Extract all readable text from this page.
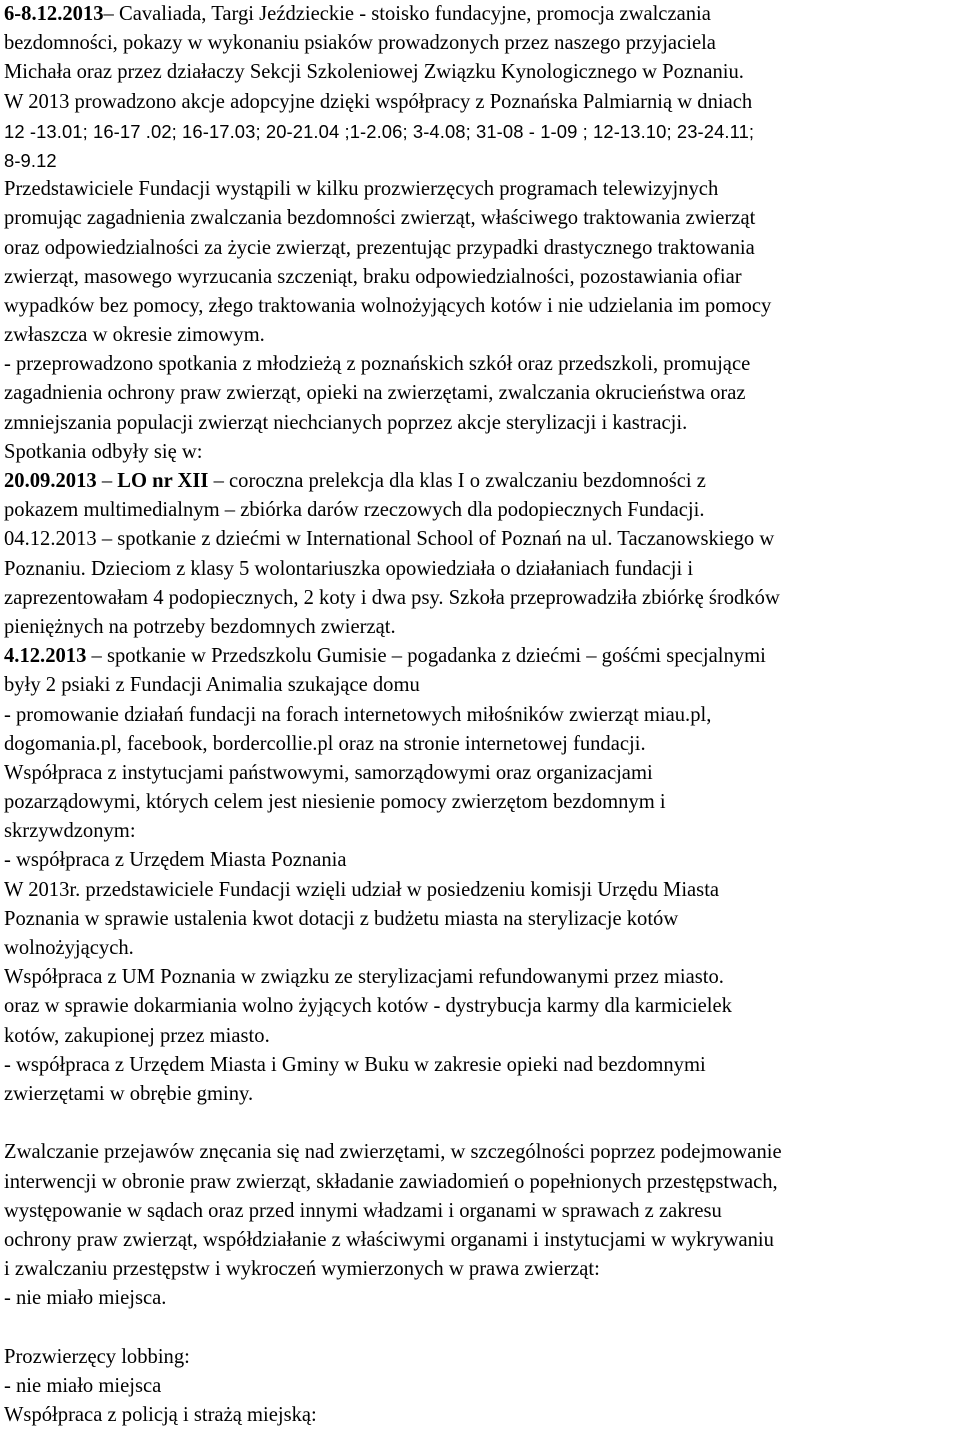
6-8.12.2013– Cavaliada, Targi Jeździeckie - stoisko fundacyjne, promocja zwalczania
bezdomności, pokazy w wykonaniu psiaków prowadzonych przez naszego przyjaciela
Michała oraz przez działaczy Sekcji Szkoleniowej Związku Kynologicznego w Poznaniu.
W 2013 prowadzono akcje adopcyjne dzięki współpracy z Poznańska Palmiarnią w dniach
12 -13.01; 16-17 .02; 16-17.03; 20-21.04 ;1-2.06; 3-4.08; 31-08 - 1-09 ; 12-13.10; 23-24.11;
8-9.12
Przedstawiciele Fundacji wystąpili w kilku prozwierzęcych programach telewizyjnych
promując zagadnienia zwalczania bezdomności zwierząt, właściwego traktowania zwierząt
oraz odpowiedzialności za życie zwierząt, prezentując przypadki drastycznego traktowania
zwierząt, masowego wyrzucania szczeniąt, braku odpowiedzialności, pozostawiania ofiar
wypadków bez pomocy, złego traktowania wolnożyjących kotów i nie udzielania im pomocy
zwłaszcza w okresie zimowym.
- przeprowadzono spotkania z młodzieżą z poznańskich szkół oraz przedszkoli, promujące
zagadnienia ochrony praw zwierząt, opieki na zwierzętami, zwalczania okrucieństwa oraz
zmniejszania populacji zwierząt niechcianych poprzez akcje sterylizacji i kastracji.
Spotkania odbyły się w:
20.09.2013 – LO nr XII – coroczna prelekcja dla klas I o zwalczaniu bezdomności z
pokazem multimedialnym – zbiórka darów rzeczowych dla podopiecznych Fundacji.
04.12.2013 – spotkanie z dziećmi w International School of Poznań na ul. Taczanowskiego w
Poznaniu. Dzieciom z klasy 5 wolontariuszka opowiedziała o działaniach fundacji i
zaprezentowałam 4 podopiecznych, 2 koty i dwa psy. Szkoła przeprowadziła zbiórkę środków
pieniężnych na potrzeby bezdomnych zwierząt.
4.12.2013 – spotkanie w Przedszkolu Gumisie – pogadanka z dziećmi – gośćmi specjalnymi
były 2 psiaki z Fundacji Animalia szukające domu
- promowanie działań fundacji na forach internetowych miłośników zwierząt miau.pl,
dogomania.pl, facebook, bordercollie.pl oraz na stronie internetowej fundacji.
Współpraca z instytucjami państwowymi, samorządowymi oraz organizacjami
pozarządowymi, których celem jest niesienie pomocy zwierzętom bezdomnym i
skrzywdzonym:
- współpraca z Urzędem Miasta Poznania
W 2013r. przedstawiciele Fundacji wzięli udział w posiedzeniu komisji Urzędu Miasta
Poznania w sprawie ustalenia kwot dotacji z budżetu miasta na sterylizacje kotów
wolnożyjących.
Współpraca z UM Poznania w związku ze sterylizacjami refundowanymi przez miasto.
oraz w sprawie dokarmiania wolno żyjących kotów - dystrybucja karmy dla karmicielek
kotów, zakupionej przez miasto.
- współpraca z Urzędem Miasta i Gminy w Buku w zakresie opieki nad bezdomnymi
zwierzętami w obrębie gminy.
Zwalczanie przejawów znęcania się nad zwierzętami, w szczególności poprzez podejmowanie
interwencji w obronie praw zwierząt, składanie zawiadomień o popełnionych przestępstwach,
występowanie w sądach oraz przed innymi władzami i organami w sprawach z zakresu
ochrony praw zwierząt, współdziałanie z właściwymi organami i instytucjami w wykrywaniu
i zwalczaniu przestępstw i wykroczeń wymierzonych w prawa zwierząt:
- nie miało miejsca.
Prozwierzęcy lobbing:
- nie miało miejsca
Współpraca z policją i strażą miejską:
